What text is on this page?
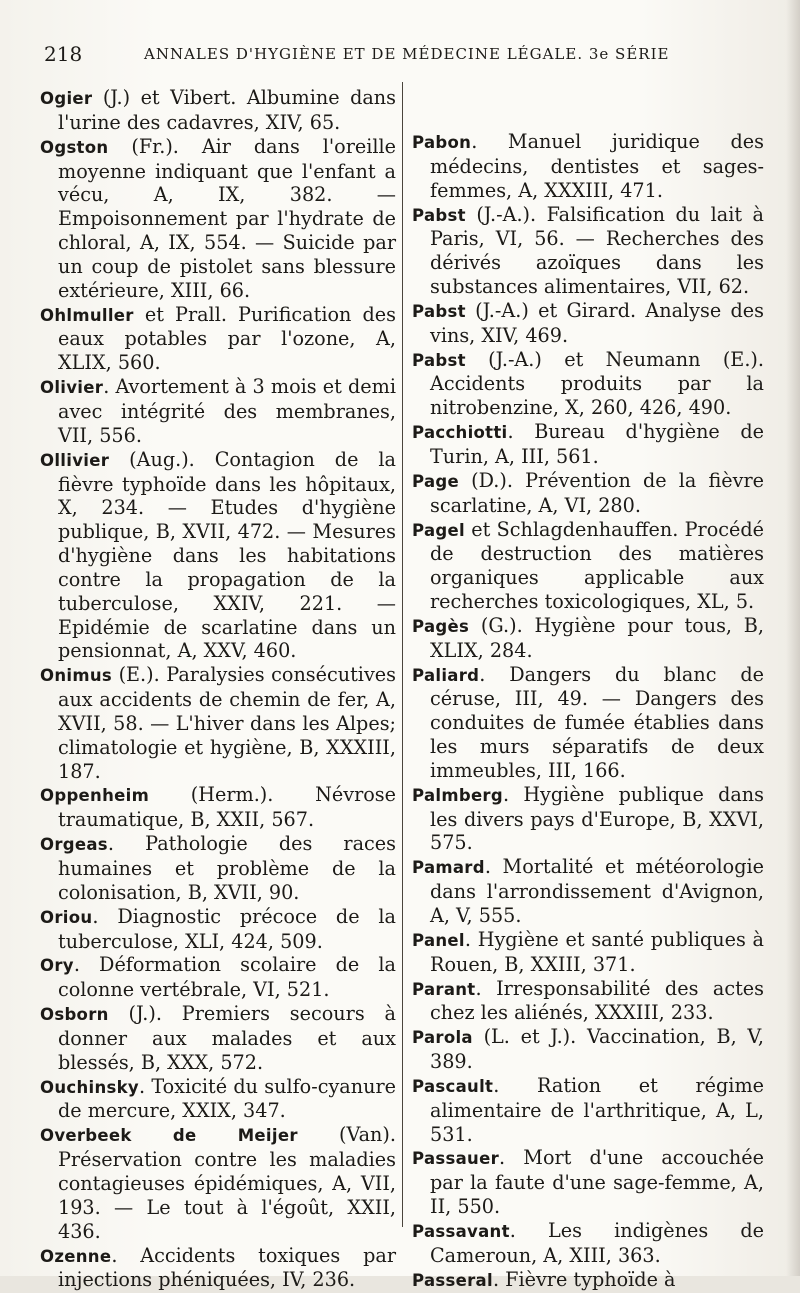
218	ANNALES D'HYGIÈNE ET DE MÉDECINE LÉGALE. 3e SÉRIE

Ogier (J.) et Vibert. Albumine dans l'urine des cadavres, XIV, 65.

Ogston (Fr.). Air dans l'oreille moyenne indiquant que l'enfant a vécu, A, IX, 382. — Empoisonnement par l'hydrate de chloral, A, IX, 554. — Suicide par un coup de pistolet sans blessure extérieure, XIII, 66.

Ohlmuller et Prall. Purification des eaux potables par l'ozone, A, XLIX, 560.

Olivier. Avortement à 3 mois et demi avec intégrité des membranes, VII, 556.

Ollivier (Aug.). Contagion de la fièvre typhoïde dans les hôpitaux, X, 234. — Etudes d'hygiène publique, B, XVII, 472. — Mesures d'hygiène dans les habitations contre la propagation de la tuberculose, XXIV, 221. — Epidémie de scarlatine dans un pensionnat, A, XXV, 460.

Onimus (E.). Paralysies consécutives aux accidents de chemin de fer, A, XVII, 58. — L'hiver dans les Alpes; climatologie et hygiène, B, XXXIII, 187.

Oppenheim (Herm.). Névrose traumatique, B, XXII, 567.

Orgeas. Pathologie des races humaines et problème de la colonisation, B, XVII, 90.

Oriou. Diagnostic précoce de la tuberculose, XLI, 424, 509.

Ory. Déformation scolaire de la colonne vertébrale, VI, 521.

Osborn (J.). Premiers secours à donner aux malades et aux blessés, B, XXX, 572.

Ouchinsky. Toxicité du sulfo-cyanure de mercure, XXIX, 347.

Overbeek de Meijer (Van). Préservation contre les maladies contagieuses épidémiques, A, VII, 193. — Le tout à l'égoût, XXII, 436.

Ozenne. Accidents toxiques par injections phéniquées, IV, 236.

Pabon. Manuel juridique des médecins, dentistes et sages-femmes, A, XXXIII, 471.

Pabst (J.-A.). Falsification du lait à Paris, VI, 56. — Recherches des dérivés azoïques dans les substances alimentaires, VII, 62.

Pabst (J.-A.) et Girard. Analyse des vins, XIV, 469.

Pabst (J.-A.) et Neumann (E.). Accidents produits par la nitrobenzine, X, 260, 426, 490.

Pacchiotti. Bureau d'hygiène de Turin, A, III, 561.

Page (D.). Prévention de la fièvre scarlatine, A, VI, 280.

Pagel et Schlagdenhauffen. Procédé de destruction des matières organiques applicable aux recherches toxicologiques, XL, 5.

Pagès (G.). Hygiène pour tous, B, XLIX, 284.

Paliard. Dangers du blanc de céruse, III, 49. — Dangers des conduites de fumée établies dans les murs séparatifs de deux immeubles, III, 166.

Palmberg. Hygiène publique dans les divers pays d'Europe, B, XXVI, 575.

Pamard. Mortalité et météorologie dans l'arrondissement d'Avignon, A, V, 555.

Panel. Hygiène et santé publiques à Rouen, B, XXIII, 371.

Parant. Irresponsabilité des actes chez les aliénés, XXXIII, 233.

Parola (L. et J.). Vaccination, B, V, 389.

Pascault. Ration et régime alimentaire de l'arthritique, A, L, 531.

Passauer. Mort d'une accouchée par la faute d'une sage-femme, A, II, 550.

Passavant. Les indigènes de Cameroun, A, XIII, 363.

Passeral. Fièvre typhoïde à
